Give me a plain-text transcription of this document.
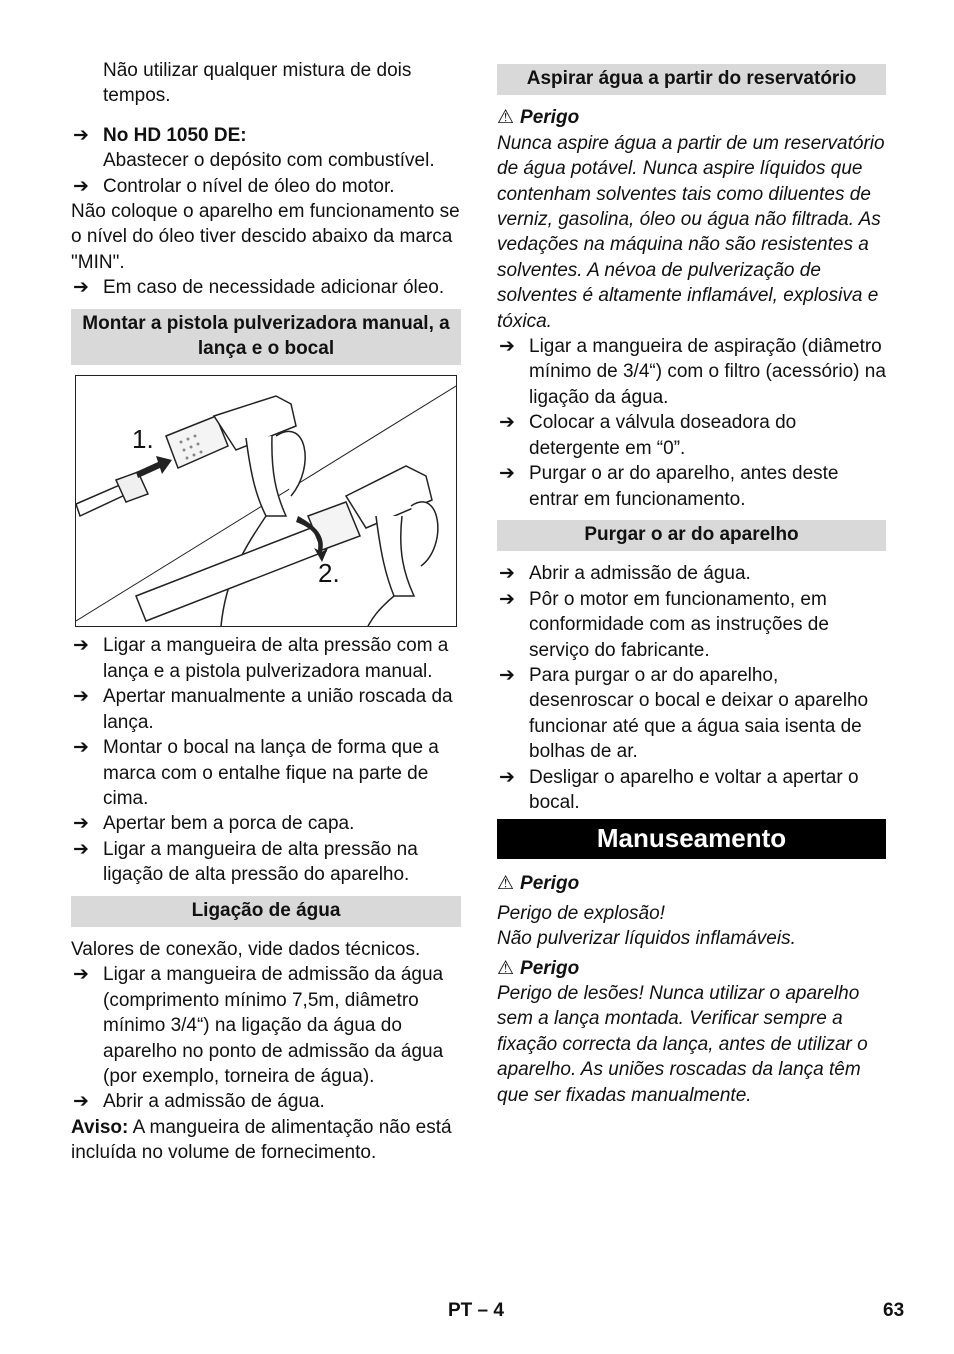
Não utilizar qualquer mistura de dois tempos.

➔ No HD 1050 DE:

Abastecer o depósito com combustível.

➔ Controlar o nível de óleo do motor.

Não coloque o aparelho em funcionamento se o nível do óleo tiver descido abaixo da marca "MIN".

➔ Em caso de necessidade adicionar óleo.
Montar a pistola pulverizadora manual, a lança e o bocal
1.
2.
➔ Ligar a mangueira de alta pressão com a lança e a pistola pulverizadora manual.
➔ Apertar manualmente a união roscada da lança.
➔ Montar o bocal na lança de forma que a marca com o entalhe fique na parte de cima.
➔ Apertar bem a porca de capa.
➔ Ligar a mangueira de alta pressão na ligação de alta pressão do aparelho.
Ligação de água

Valores de conexão, vide dados técnicos.

➔ Ligar a mangueira de admissão da água (comprimento mínimo 7,5m, diâmetro mínimo 3/4“) na ligação da água do aparelho no ponto de admissão da água (por exemplo, torneira de água).
➔ Abrir a admissão de água.

Aviso: A mangueira de alimentação não está incluída no volume de fornecimento.

Aspirar água a partir do reservatório

⚠ Perigo

Nunca aspire água a partir de um reservatório de água potável. Nunca aspire líquidos que contenham solventes tais como diluentes de verniz, gasolina, óleo ou água não filtrada. As vedações na máquina não são resistentes a solventes. A névoa de pulverização de solventes é altamente inflamável, explosiva e tóxica.

➔ Ligar a mangueira de aspiração (diâmetro mínimo de 3/4“) com o filtro (acessório) na ligação da água.
➔ Colocar a válvula doseadora do detergente em “0”.
➔ Purgar o ar do aparelho, antes deste entrar em funcionamento.
Purgar o ar do aparelho
➔ Abrir a admissão de água.
➔ Pôr o motor em funcionamento, em conformidade com as instruções de serviço do fabricante.
➔ Para purgar o ar do aparelho, desenroscar o bocal e deixar o aparelho funcionar até que a água saia isenta de bolhas de ar.
➔ Desligar o aparelho e voltar a apertar o bocal.
Manuseamento

⚠ Perigo

Perigo de explosão!

Não pulverizar líquidos inflamáveis.

⚠ Perigo

Perigo de lesões! Nunca utilizar o aparelho sem a lança montada. Verificar sempre a fixação correcta da lança, antes de utilizar o aparelho. As uniões roscadas da lança têm que ser fixadas manualmente.

PT – 4	63
